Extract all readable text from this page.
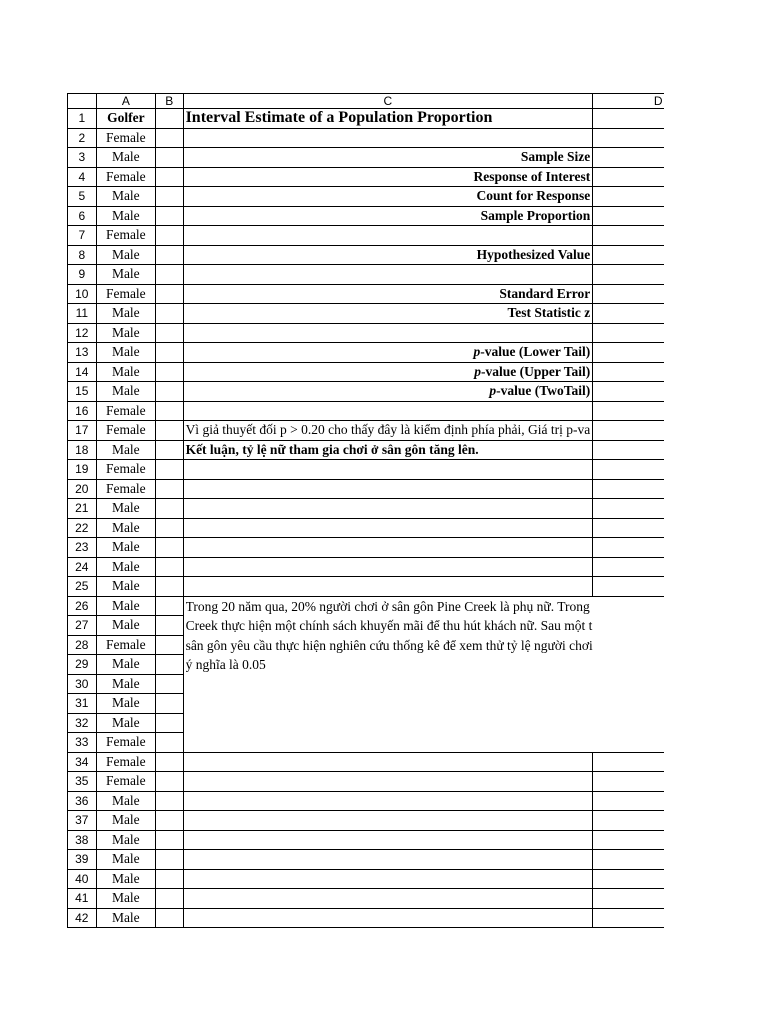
	A	B	C	D	
1	Golfer		Interval Estimate of a Population Proportion		
2	Female				
3	Male		Sample Size		
4	Female		Response of Interest		
5	Male		Count for Response		
6	Male		Sample Proportion		
7	Female				
8	Male		Hypothesized Value		
9	Male				
10	Female		Standard Error		
11	Male		Test Statistic z		
12	Male				
13	Male		p-value (Lower Tail)		
14	Male		p-value (Upper Tail)		
15	Male		p-value (TwoTail)		
16	Female				
17	Female		Vì giả thuyết đối p > 0.20 cho thấy đây là kiểm định phía phải, Giá trị p-va		
18	Male		Kết luận, tỷ lệ nữ tham gia chơi ở sân gôn tăng lên.		
19	Female				
20	Female				
21	Male				
22	Male				
23	Male				
24	Male				
25	Male				
26	Male		Trong 20 năm qua, 20% người chơi ở sân gôn Pine Creek là phụ nữ. Trong
Creek thực hiện một chính sách khuyến mãi để thu hút khách nữ. Sau một t
sân gôn yêu cầu thực hiện nghiên cứu thống kê để xem thử tỷ lệ người chơi
ý nghĩa là 0.05		

27	Male				
28	Female				
29	Male				
30	Male				
31	Male				
32	Male				
33	Female				
34	Female				
35	Female				
36	Male				
37	Male				
38	Male				
39	Male				
40	Male				
41	Male				
42	Male				
